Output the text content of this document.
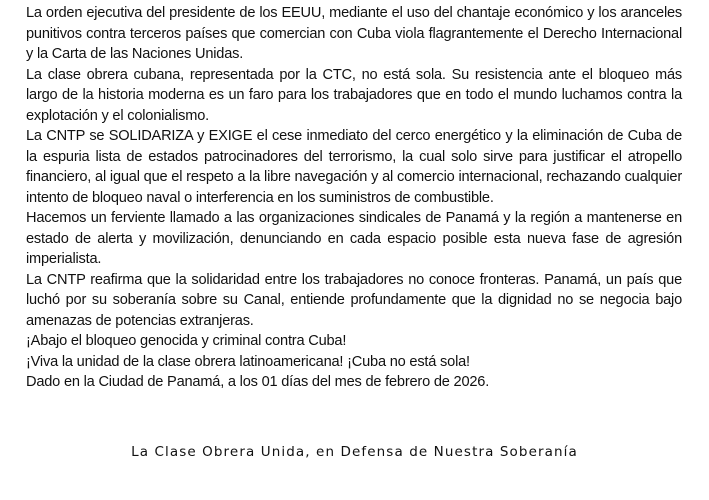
La orden ejecutiva del presidente de los EEUU, mediante el uso del chantaje económico y los aranceles punitivos contra terceros países que comercian con Cuba viola flagrantemente el Derecho Internacional y la Carta de las Naciones Unidas.

La clase obrera cubana, representada por la CTC, no está sola. Su resistencia ante el bloqueo más largo de la historia moderna es un faro para los trabajadores que en todo el mundo luchamos contra la explotación y el colonialismo.

La CNTP se SOLIDARIZA y EXIGE el cese inmediato del cerco energético y la eliminación de Cuba de la espuria lista de estados patrocinadores del terrorismo, la cual solo sirve para justificar el atropello financiero, al igual que el respeto a la libre navegación y al comercio internacional, rechazando cualquier intento de bloqueo naval o interferencia en los suministros de combustible.

Hacemos un ferviente llamado a las organizaciones sindicales de Panamá y la región a mantenerse en estado de alerta y movilización, denunciando en cada espacio posible esta nueva fase de agresión imperialista.

La CNTP reafirma que la solidaridad entre los trabajadores no conoce fronteras. Panamá, un país que luchó por su soberanía sobre su Canal, entiende profundamente que la dignidad no se negocia bajo amenazas de potencias extranjeras.

¡Abajo el bloqueo genocida y criminal contra Cuba!

¡Viva la unidad de la clase obrera latinoamericana! ¡Cuba no está sola!

Dado en la Ciudad de Panamá, a los 01 días del mes de febrero de 2026.

La Clase Obrera Unida, en Defensa de Nuestra Soberanía
